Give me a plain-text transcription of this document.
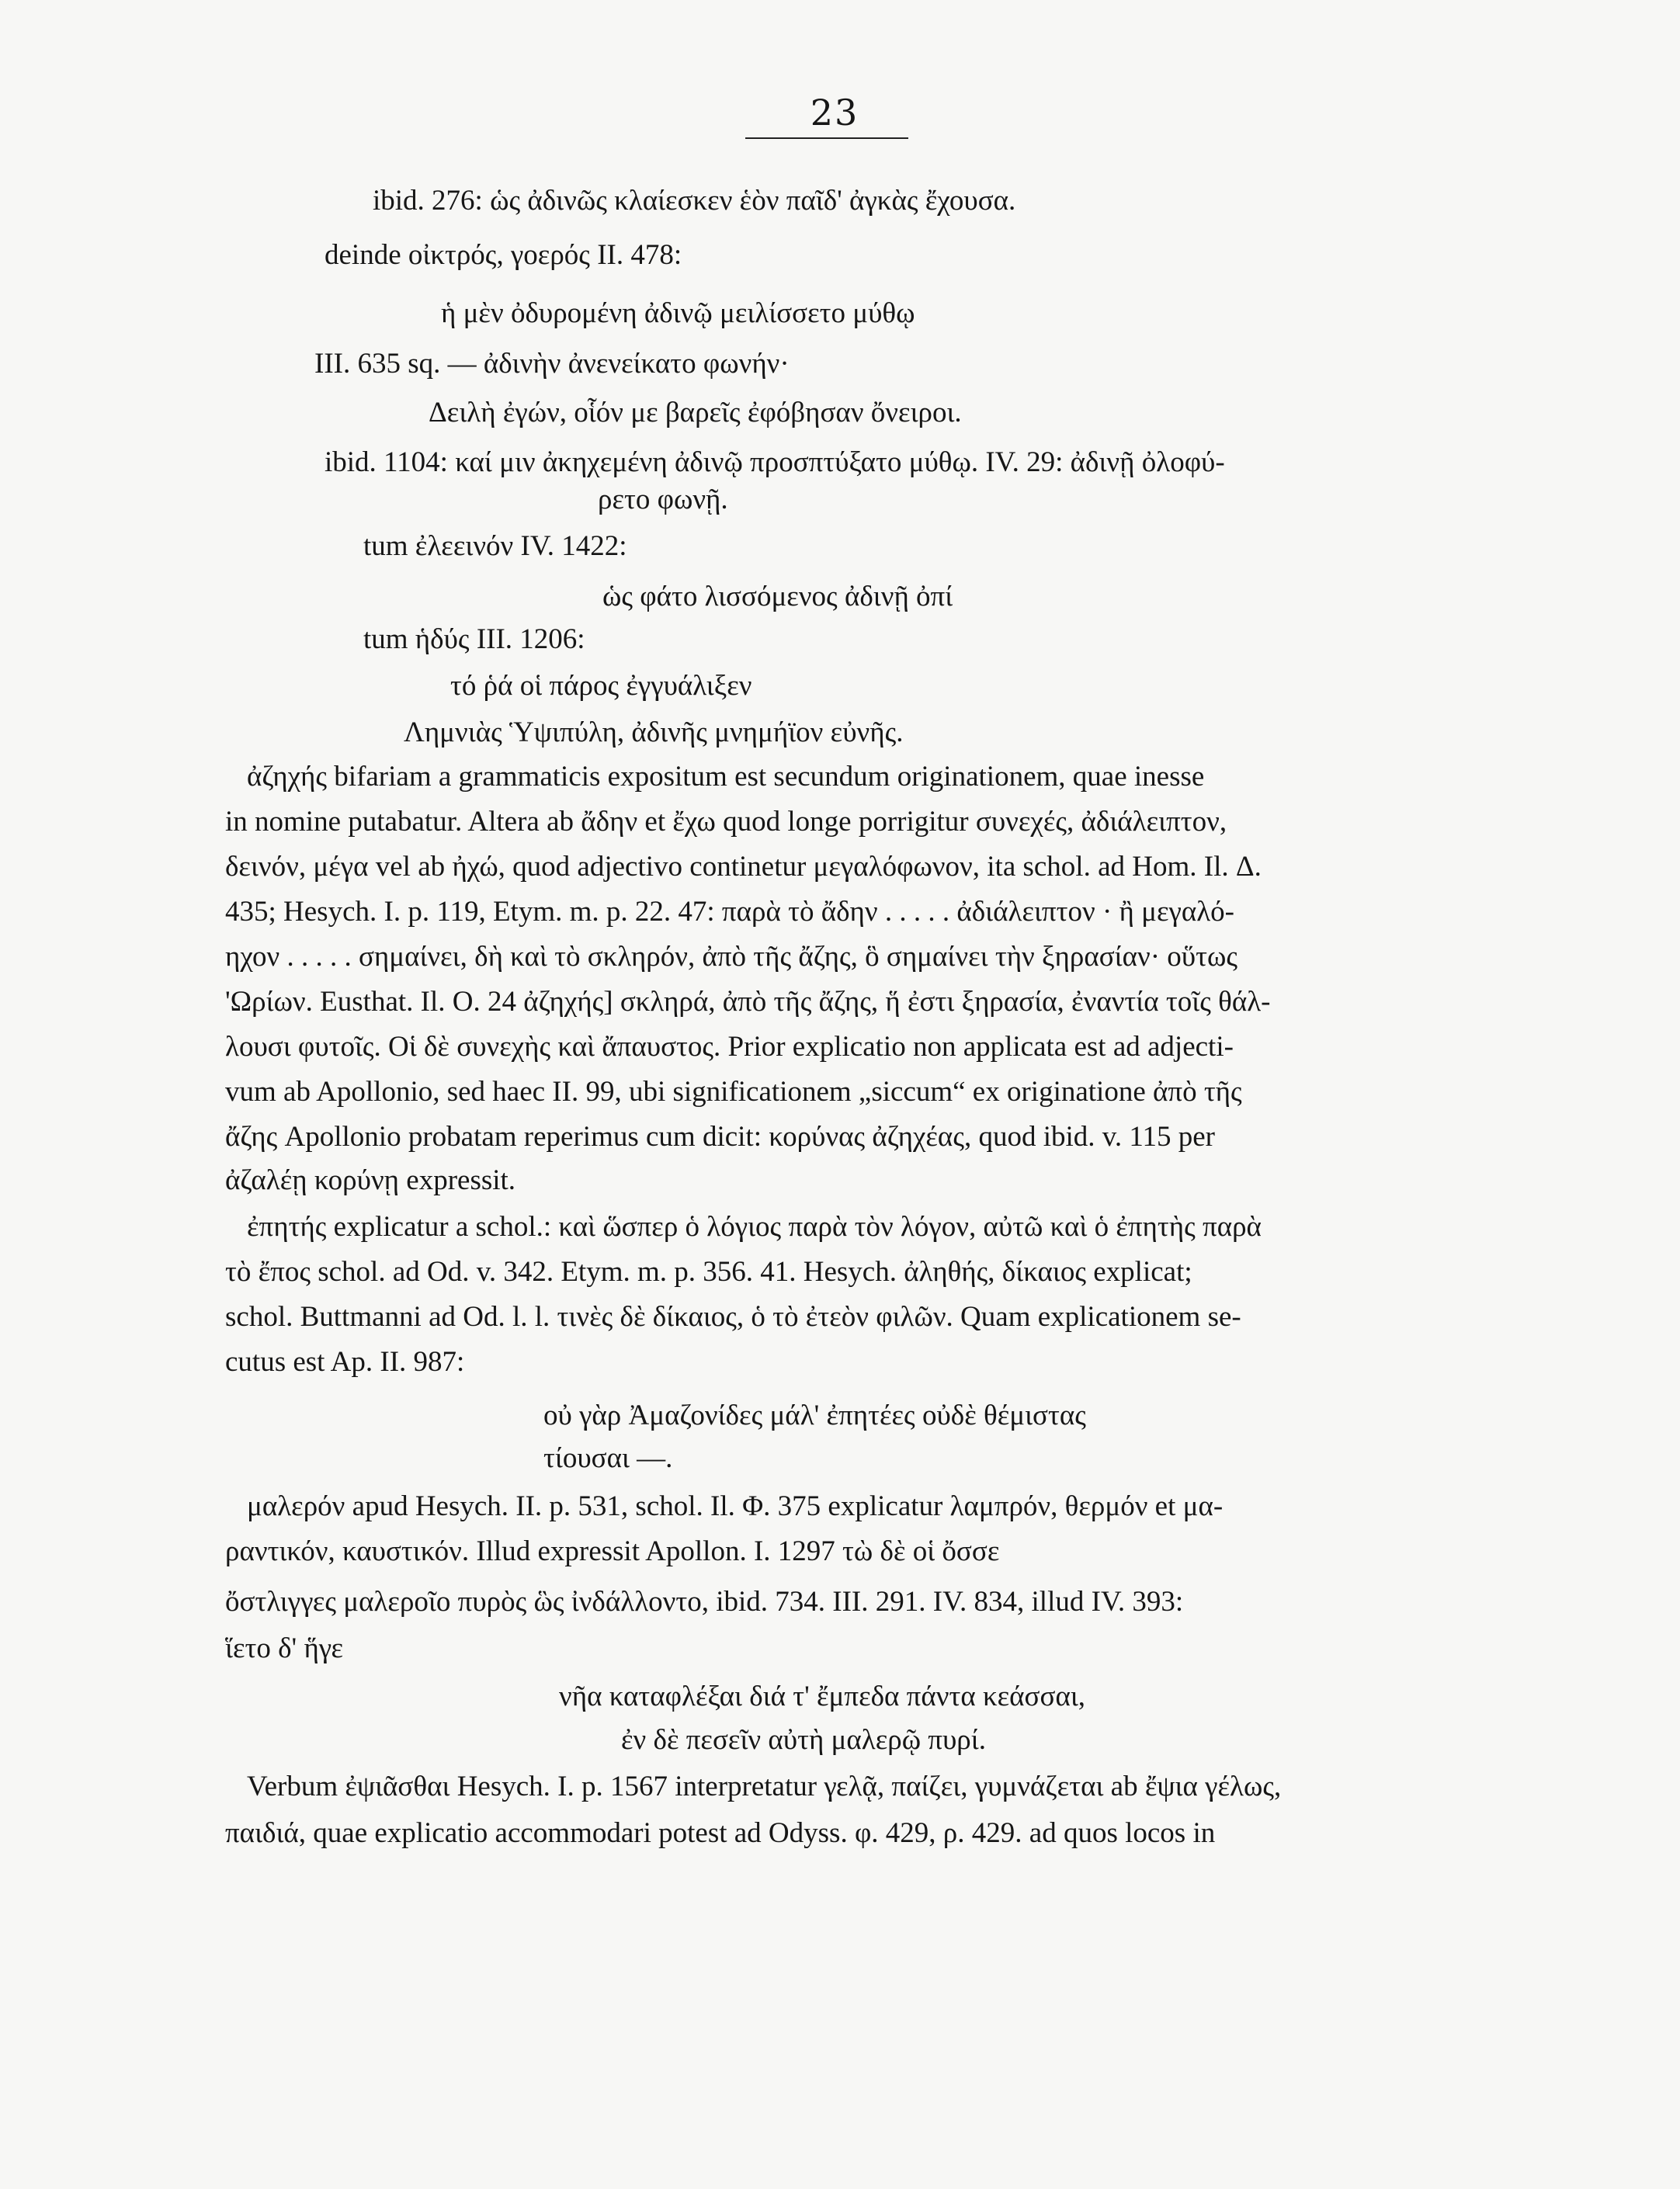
23
ibid. 276: ὡς ἀδινῶς κλαίεσκεν ἑὸν παῖδ' ἀγκὰς ἔχουσα.
deinde οἰκτρός, γοερός II. 478:
ἡ μὲν ὀδυρομένη ἀδινῷ μειλίσσετο μύθῳ
III. 635 sq. — ἀδινὴν ἀνενείκατο φωνήν·
Δειλὴ ἐγών, οἷόν με βαρεῖς ἐφόβησαν ὄνειροι.
ibid. 1104: καί μιν ἀκηχεμένη ἀδινῷ προσπτύξατο μύθῳ. IV. 29: ἀδινῇ ὀλοφύ-
ρετο φωνῇ.
tum ἐλεεινόν IV. 1422:
ὡς φάτο λισσόμενος ἀδινῇ ὀπί
tum ἡδύς III. 1206:
τό ῥά οἱ πάρος ἐγγυάλιξεν
Λημνιὰς Ὑψιπύλη, ἀδινῆς μνημήϊον εὐνῆς.
ἀζηχής bifariam a grammaticis expositum est secundum originationem, quae inesse
in nomine putabatur. Altera ab ἄδην et ἔχω quod longe porrigitur συνεχές, ἀδιάλειπτον,
δεινόν, μέγα vel ab ἠχώ, quod adjectivo continetur μεγαλόφωνον, ita schol. ad Hom. Il. Δ.
435; Hesych. I. p. 119, Etym. m. p. 22. 47: παρὰ τὸ ἄδην . . . . . ἀδιάλειπτον · ἢ μεγαλό-
ηχον . . . . . σημαίνει, δὴ καὶ τὸ σκληρόν, ἀπὸ τῆς ἄζης, ὃ σημαίνει τὴν ξηρασίαν· οὕτως
'Ωρίων. Eusthat. Il. O. 24 ἀζηχής] σκληρά, ἀπὸ τῆς ἄζης, ἥ ἐστι ξηρασία, ἐναντία τοῖς θάλ-
λουσι φυτοῖς. Οἱ δὲ συνεχὴς καὶ ἄπαυστος. Prior explicatio non applicata est ad adjecti-
vum ab Apollonio, sed haec II. 99, ubi significationem „siccum“ ex originatione ἀπὸ τῆς
ἄζης Apollonio probatam reperimus cum dicit: κορύνας ἀζηχέας, quod ibid. v. 115 per
ἀζαλέῃ κορύνῃ expressit.
ἐπητής explicatur a schol.: καὶ ὥσπερ ὁ λόγιος παρὰ τὸν λόγον, αὐτῶ καὶ ὁ ἐπητὴς παρὰ
τὸ ἔπος schol. ad Od. v. 342. Etym. m. p. 356. 41. Hesych. ἀληθής, δίκαιος explicat;
schol. Buttmanni ad Od. l. l. τινὲς δὲ δίκαιος, ὁ τὸ ἐτεὸν φιλῶν. Quam explicationem se-
cutus est Ap. II. 987:
οὐ γὰρ Ἀμαζονίδες μάλ' ἐπητέες οὐδὲ θέμιστας
τίουσαι —.
μαλερόν apud Hesych. II. p. 531, schol. Il. Φ. 375 explicatur λαμπρόν, θερμόν et μα-
ραντικόν, καυστικόν. Illud expressit Apollon. I. 1297 τὼ δὲ οἱ ὄσσε
ὄστλιγγες μαλεροῖο πυρὸς ὣς ἰνδάλλοντο, ibid. 734. III. 291. IV. 834, illud IV. 393:
ἵετο δ' ἥγε
νῆα καταφλέξαι διά τ' ἔμπεδα πάντα κεάσσαι,
ἐν δὲ πεσεῖν αὐτὴ μαλερῷ πυρί.
Verbum ἐψιᾶσθαι Hesych. I. p. 1567 interpretatur γελᾷ, παίζει, γυμνάζεται ab ἔψια γέλως,
παιδιά, quae explicatio accommodari potest ad Odyss. φ. 429, ρ. 429. ad quos locos in
